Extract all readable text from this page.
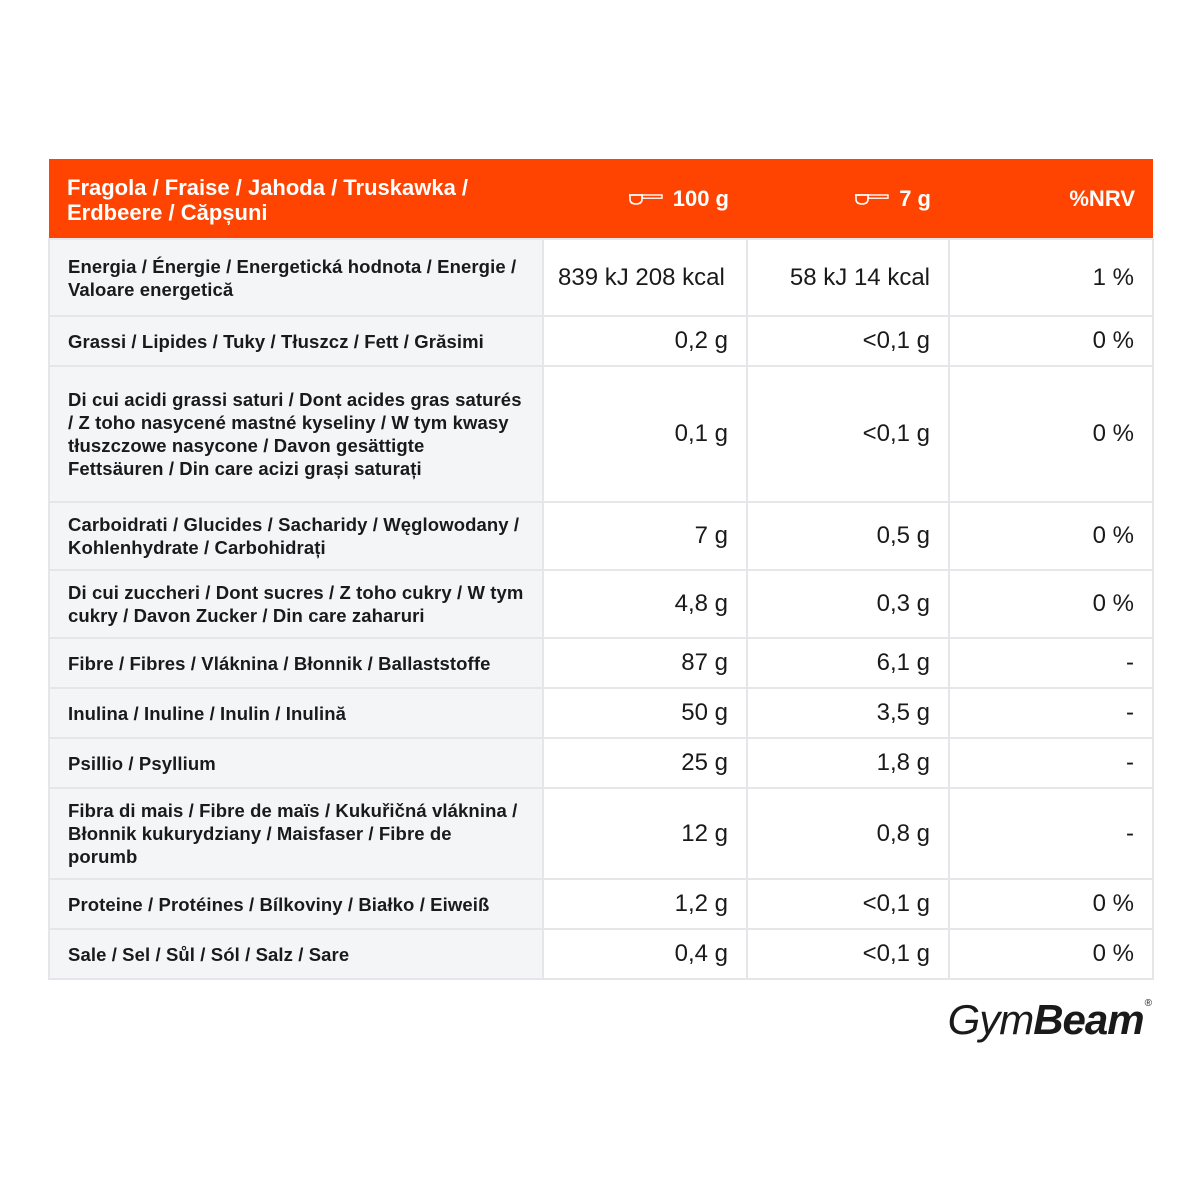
Fragola / Fraise / Jahoda / Truskawka / Erdbeere / Căpșuni	100 g	7 g	%NRV
Energia / Énergie / Energetická hodnota / Energie / Valoare energetică	839 kJ 208 kcal	58 kJ 14 kcal	1 %
Grassi / Lipides / Tuky / Tłuszcz / Fett / Grăsimi	0,2 g	<0,1 g	0 %
Di cui acidi grassi saturi / Dont acides gras saturés / Z toho nasycené mastné kyseliny / W tym kwasy tłuszczowe nasycone / Davon gesättigte Fettsäuren / Din care acizi grași saturați	0,1 g	<0,1 g	0 %
Carboidrati / Glucides / Sacharidy / Węglowodany / Kohlenhydrate / Carbohidrați	7 g	0,5 g	0 %
Di cui zuccheri / Dont sucres / Z toho cukry / W tym cukry / Davon Zucker / Din care zaharuri	4,8 g	0,3 g	0 %
Fibre / Fibres / Vláknina / Błonnik / Ballaststoffe	87 g	6,1 g	-
Inulina / Inuline / Inulin / Inulină	50 g	3,5 g	-
Psillio / Psyllium	25 g	1,8 g	-
Fibra di mais / Fibre de maïs / Kukuřičná vláknina / Błonnik kukurydziany / Maisfaser / Fibre de porumb	12 g	0,8 g	-
Proteine / Protéines / Bílkoviny / Białko / Eiweiß	1,2 g	<0,1 g	0 %
Sale / Sel / Sůl / Sól / Salz / Sare	0,4 g	<0,1 g	0 %
GymBeam®
